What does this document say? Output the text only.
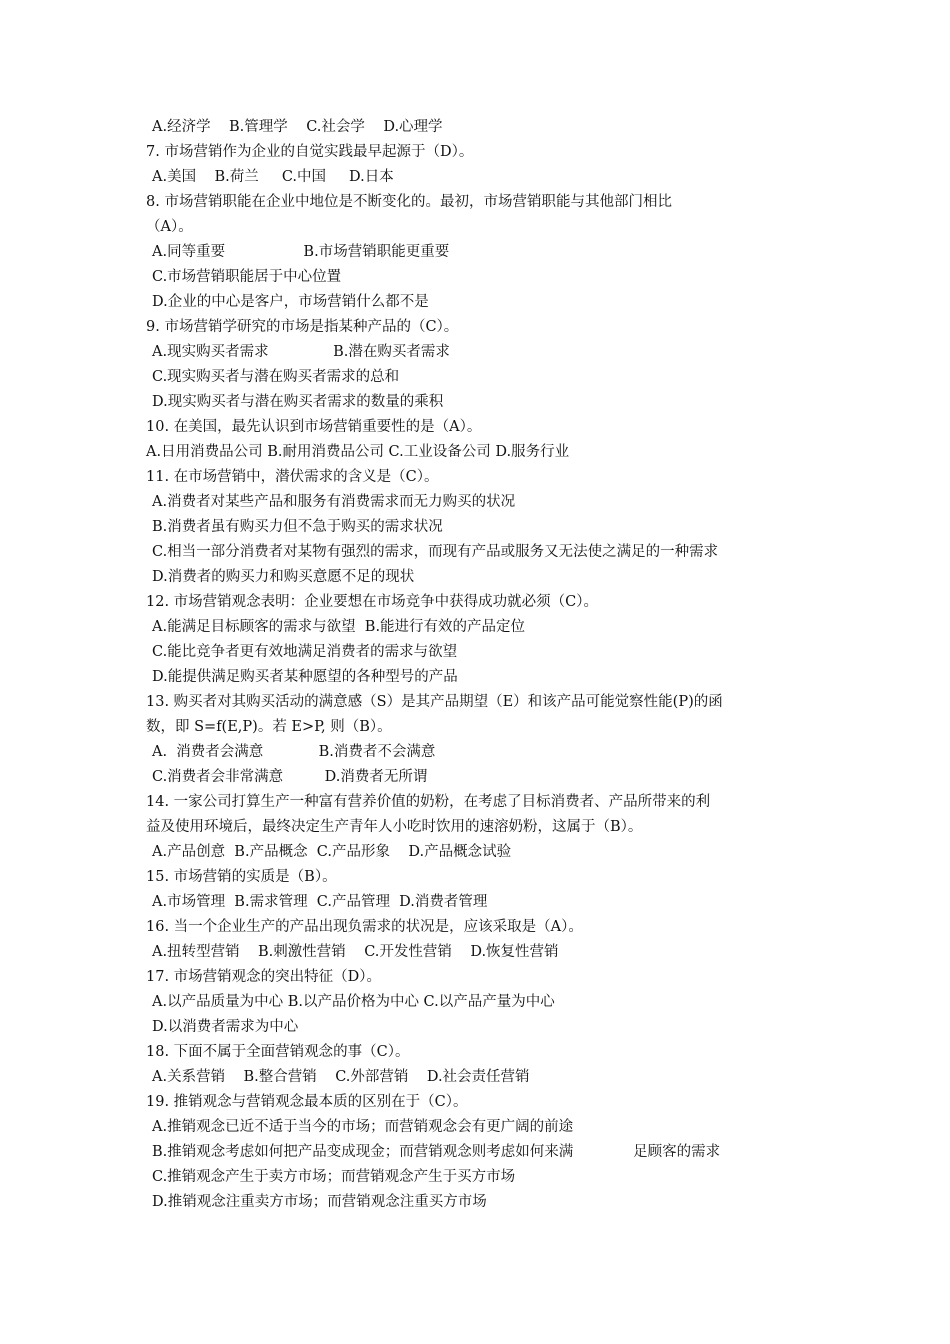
A.经济学    B.管理学    C.社会学    D.心理学
7. 市场营销作为企业的自觉实践最早起源于（D）。
A.美国    B.荷兰     C.中国     D.日本
8. 市场营销职能在企业中地位是不断变化的。最初，市场营销职能与其他部门相比
（A）。
A.同等重要                 B.市场营销职能更重要
C.市场营销职能居于中心位置
D.企业的中心是客户，市场营销什么都不是
9. 市场营销学研究的市场是指某种产品的（C）。
A.现实购买者需求              B.潜在购买者需求
C.现实购买者与潜在购买者需求的总和
D.现实购买者与潜在购买者需求的数量的乘积
10. 在美国，最先认识到市场营销重要性的是（A）。
A.日用消费品公司 B.耐用消费品公司 C.工业设备公司 D.服务行业
11. 在市场营销中，潜伏需求的含义是（C）。
A.消费者对某些产品和服务有消费需求而无力购买的状况
B.消费者虽有购买力但不急于购买的需求状况
C.相当一部分消费者对某物有强烈的需求，而现有产品或服务又无法使之满足的一种需求
D.消费者的购买力和购买意愿不足的现状
12. 市场营销观念表明：企业要想在市场竞争中获得成功就必须（C）。
A.能满足目标顾客的需求与欲望  B.能进行有效的产品定位
C.能比竞争者更有效地满足消费者的需求与欲望
D.能提供满足购买者某种愿望的各种型号的产品
13. 购买者对其购买活动的满意感（S）是其产品期望（E）和该产品可能觉察性能(P)的函
数，即 S=f(E,P)。若 E>P, 则（B）。
A.  消费者会满意            B.消费者不会满意
C.消费者会非常满意         D.消费者无所谓
14. 一家公司打算生产一种富有营养价值的奶粉，在考虑了目标消费者、产品所带来的利
益及使用环境后，最终决定生产青年人小吃时饮用的速溶奶粉，这属于（B）。
A.产品创意  B.产品概念  C.产品形象    D.产品概念试验
15. 市场营销的实质是（B）。
A.市场管理  B.需求管理  C.产品管理  D.消费者管理
16. 当一个企业生产的产品出现负需求的状况是，应该采取是（A）。
A.扭转型营销    B.刺激性营销    C.开发性营销    D.恢复性营销
17. 市场营销观念的突出特征（D）。
A.以产品质量为中心 B.以产品价格为中心 C.以产品产量为中心
D.以消费者需求为中心
18. 下面不属于全面营销观念的事（C）。
A.关系营销    B.整合营销    C.外部营销    D.社会责任营销
19. 推销观念与营销观念最本质的区别在于（C）。
A.推销观念已近不适于当今的市场；而营销观念会有更广阔的前途
B.推销观念考虑如何把产品变成现金；而营销观念则考虑如何来满             足顾客的需求
C.推销观念产生于卖方市场；而营销观念产生于买方市场
D.推销观念注重卖方市场；而营销观念注重买方市场
